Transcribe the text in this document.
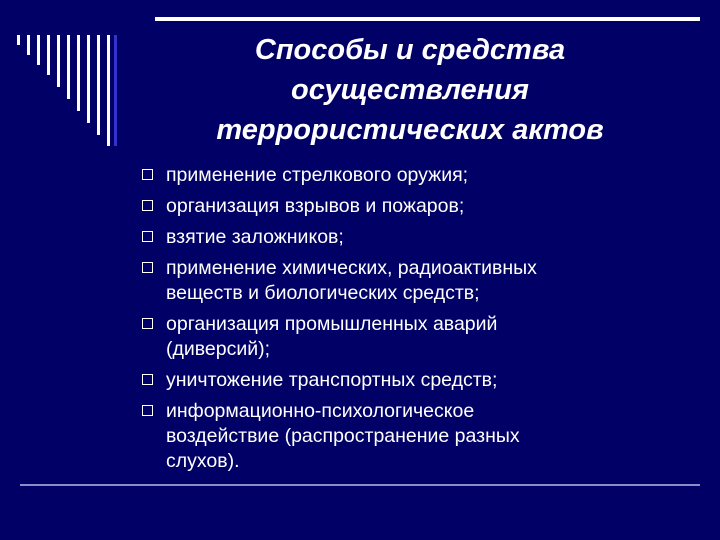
Способы и средства
осуществления
террористических актов
применение стрелкового оружия;
организация взрывов и пожаров;
взятие заложников;
применение химических, радиоактивных
веществ и биологических средств;
организация промышленных аварий
(диверсий);
уничтожение транспортных средств;
информационно-психологическое
воздействие (распространение разных
слухов).
